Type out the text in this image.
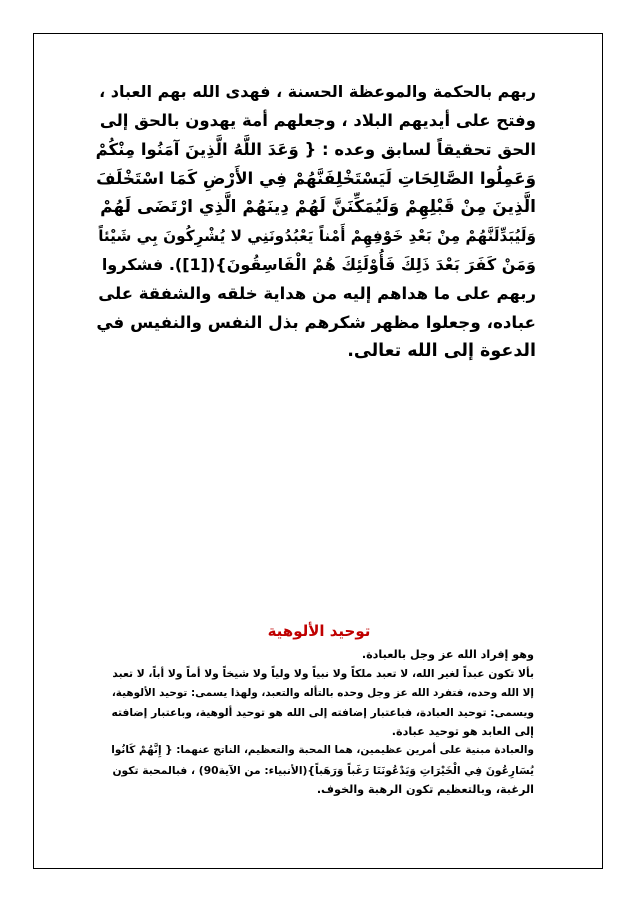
ربهم بالحكمة والموعظة الحسنة ، فهدى الله بهم العباد ،

وفتح على أيديهم البلاد ، وجعلهم أمة يهدون بالحق إلى

الحق تحقيقاً لسابق وعده : { وَعَدَ اللَّهُ الَّذِينَ آمَنُوا مِنْكُمْ

وَعَمِلُوا الصَّالِحَاتِ لَيَسْتَخْلِفَنَّهُمْ فِي الأَرْضِ كَمَا اسْتَخْلَفَ

الَّذِينَ مِنْ قَبْلِهِمْ وَلَيُمَكِّنَنَّ لَهُمْ دِينَهُمْ الَّذِي ارْتَضَى لَهُمْ

وَلَيُبَدِّلَنَّهُمْ مِنْ بَعْدِ خَوْفِهِمْ أَمْناً يَعْبُدُونَنِي لا يُشْرِكُونَ بِي شَيْئاً

وَمَنْ كَفَرَ بَعْدَ ذَلِكَ فَأُوْلَئِكَ هُمْ الْفَاسِقُونَ}([1]). فشكروا

ربهم على ما هداهم إليه من هداية خلقه والشفقة على

عباده، وجعلوا مظهر شكرهم بذل النفس والنفيس في

الدعوة إلى الله تعالى.

توحيد الألوهية

وهو إفراد الله عز وجل بالعبادة.

بألا تكون عبداً لغير الله، لا تعبد ملكاً ولا نبياً ولا ولياً ولا شيخاً ولا أماً ولا أباً، لا تعبد

إلا الله وحده، فتفرد الله عز وجل وحده بالتأله والتعبد، ولهذا يسمى: توحيد الألوهية،

ويسمى: توحيد العبادة، فباعتبار إضافته إلى الله هو توحيد ألوهية، وباعتبار إضافته

إلى العابد هو توحيد عبادة.

والعبادة مبنية على أمرين عظيمين، هما المحبة والتعظيم، الناتج عنهما: { إِنَّهُمْ كَانُوا

يُسَارِعُونَ فِي الْخَيْرَاتِ وَيَدْعُونَنَا رَغَباً وَرَهَباً}(الأنبياء: من الآية90) ، فبالمحبة تكون

الرغبة، وبالتعظيم تكون الرهبة والخوف.
